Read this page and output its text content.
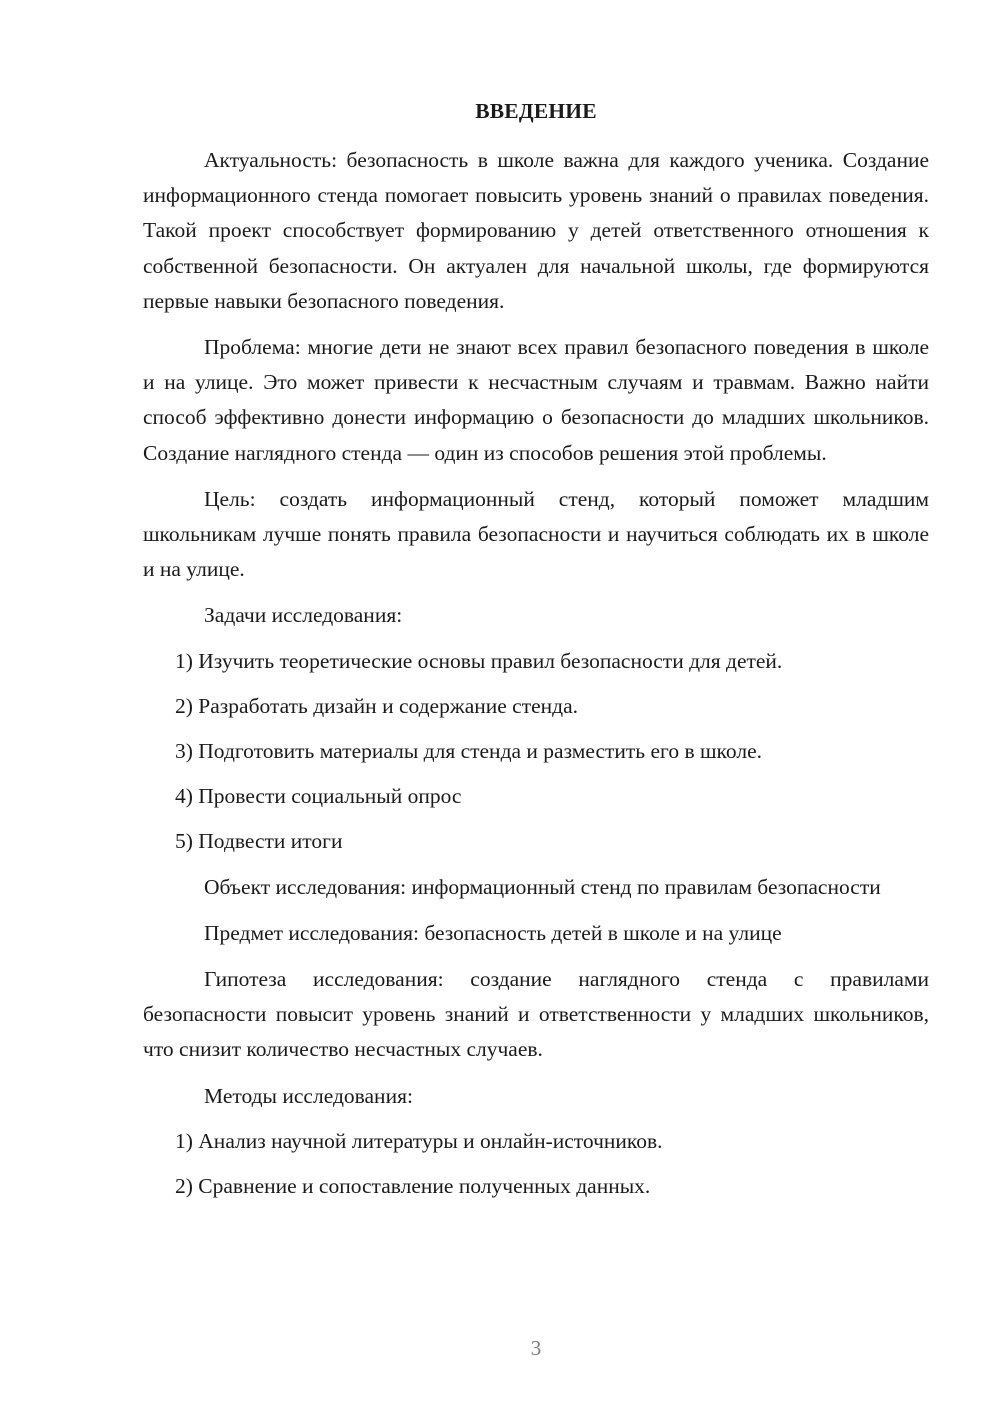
ВВЕДЕНИЕ

Актуальность: безопасность в школе важна для каждого ученика. Создание информационного стенда помогает повысить уровень знаний о правилах поведения. Такой проект способствует формированию у детей ответственного отношения к собственной безопасности. Он актуален для начальной школы, где формируются первые навыки безопасного поведения.

Проблема: многие дети не знают всех правил безопасного поведения в школе и на улице. Это может привести к несчастным случаям и травмам. Важно найти способ эффективно донести информацию о безопасности до младших школьников. Создание наглядного стенда — один из способов решения этой проблемы.

Цель: создать информационный стенд, который поможет младшим школьникам лучше понять правила безопасности и научиться соблюдать их в школе и на улице.

Задачи исследования:

1) Изучить теоретические основы правил безопасности для детей.

2) Разработать дизайн и содержание стенда.

3) Подготовить материалы для стенда и разместить его в школе.

4) Провести социальный опрос

5) Подвести итоги

Объект исследования: информационный стенд по правилам безопасности

Предмет исследования: безопасность детей в школе и на улице

Гипотеза исследования: создание наглядного стенда с правилами безопасности повысит уровень знаний и ответственности у младших школьников, что снизит количество несчастных случаев.

Методы исследования:

1) Анализ научной литературы и онлайн-источников.

2) Сравнение и сопоставление полученных данных.

3
